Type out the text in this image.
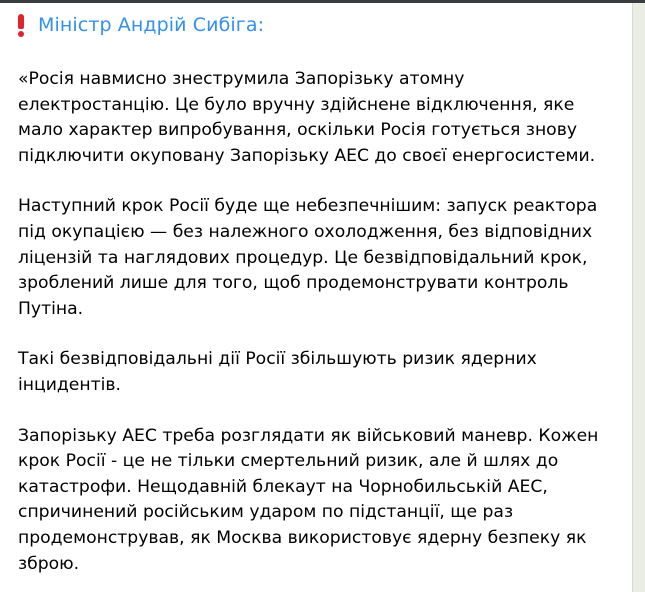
Міністр Андрій Сибіга:

«Росія навмисно знеструмила Запорізьку атомну
електростанцію. Це було вручну здійснене відключення, яке
мало характер випробування, оскільки Росія готується знову
підключити окуповану Запорізьку АЕС до своєї енергосистеми.

Наступний крок Росії буде ще небезпечнішим: запуск реактора
під окупацією — без належного охолодження, без відповідних
ліцензій та наглядових процедур. Це безвідповідальний крок,
зроблений лише для того, щоб продемонструвати контроль
Путіна.

Такі безвідповідальні дії Росії збільшують ризик ядерних
інцидентів.

Запорізьку АЕС треба розглядати як військовий маневр. Кожен
крок Росії - це не тільки смертельний ризик, але й шлях до
катастрофи. Нещодавній блекаут на Чорнобильській АЕС,
спричинений російським ударом по підстанції, ще раз
продемонстрував, як Москва використовує ядерну безпеку як
зброю.
